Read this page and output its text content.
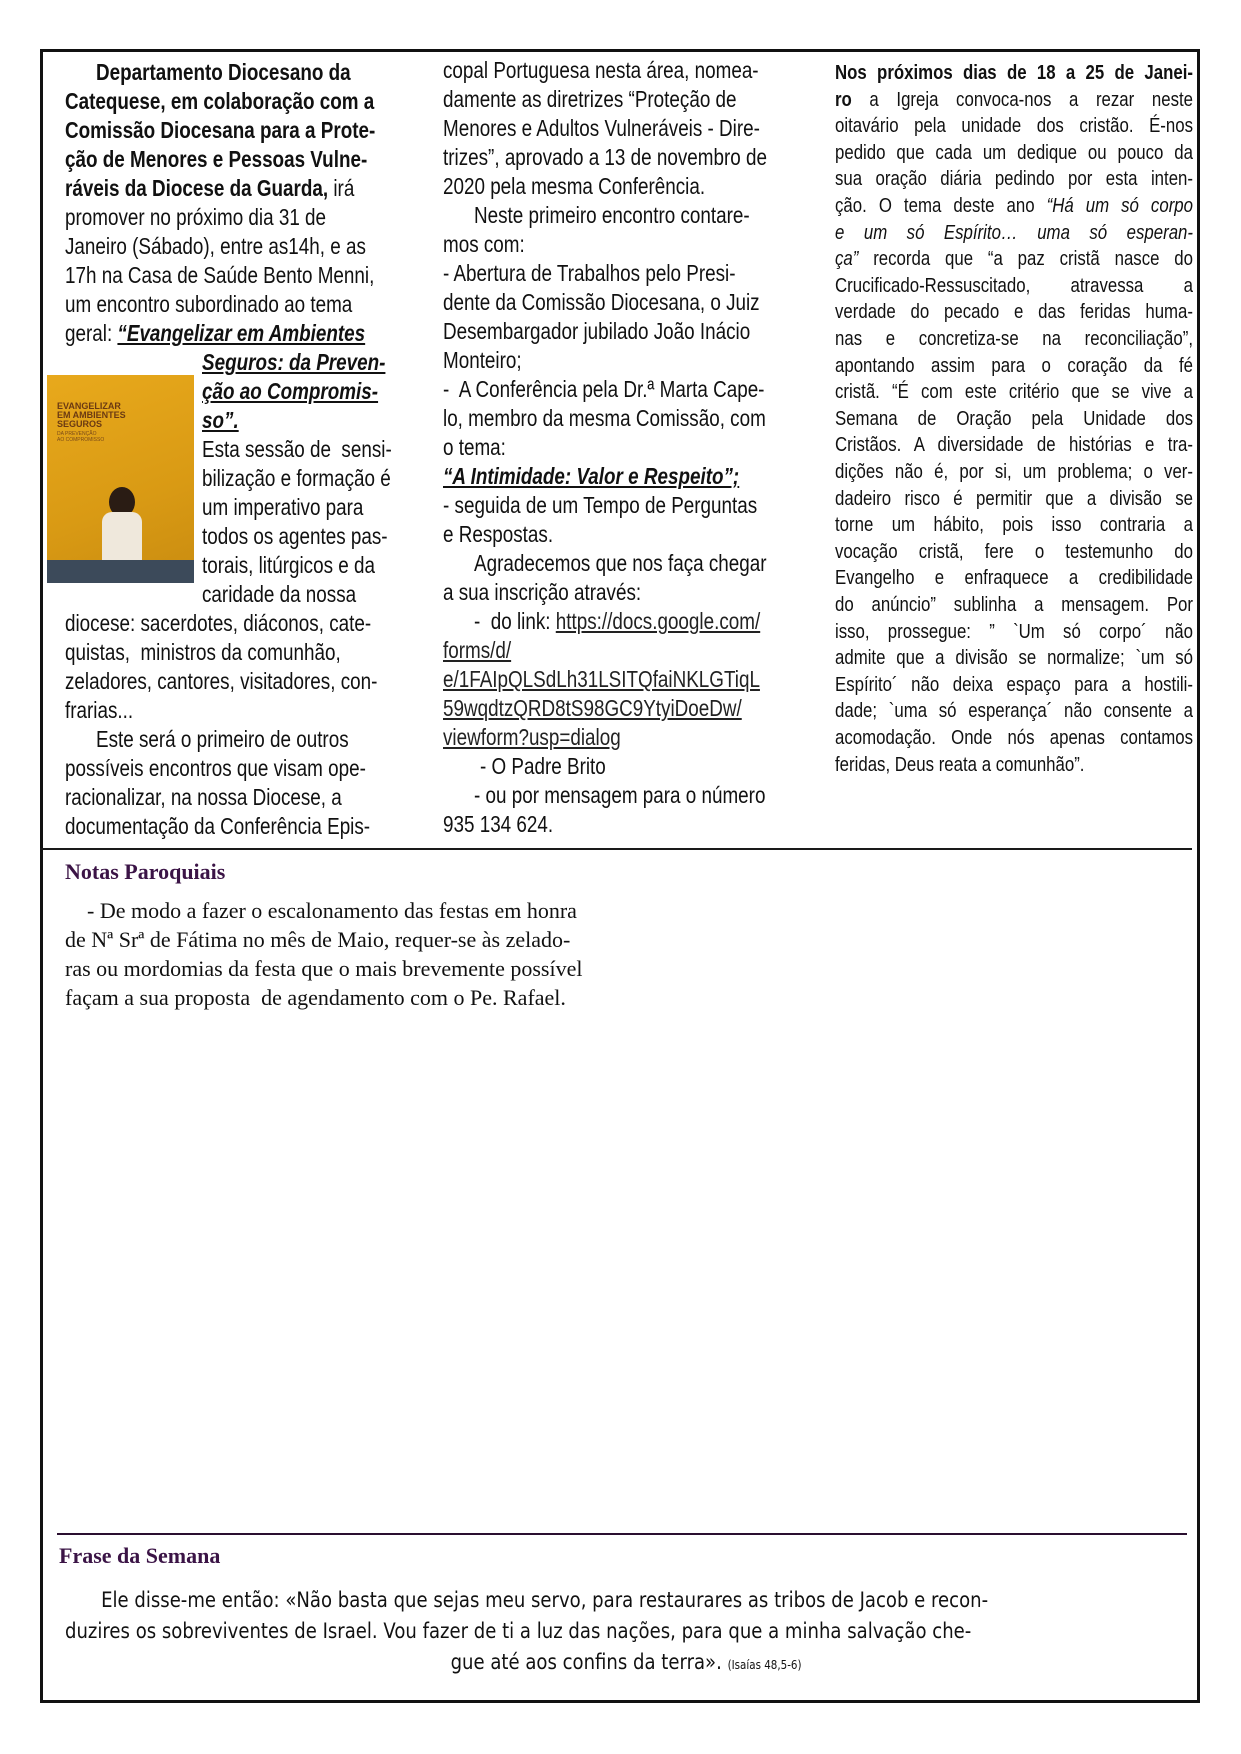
Departamento Diocesano da
Catequese, em colaboração com a
Comissão Diocesana para a Prote-
ção de Menores e Pessoas Vulne-
ráveis da Diocese da Guarda, irá
promover no próximo dia 31 de
Janeiro (Sábado), entre as14h, e as
17h na Casa de Saúde Bento Menni,
um encontro subordinado ao tema
geral: “Evangelizar em Ambientes
Seguros: da Preven-
ção ao Compromis-
so”.
Esta sessão de  sensi-
bilização e formação é
um imperativo para
todos os agentes pas-
torais, litúrgicos e da
caridade da nossa
diocese: sacerdotes, diáconos, cate-
quistas,  ministros da comunhão,
zeladores, cantores, visitadores, con-
frarias...
Este será o primeiro de outros
possíveis encontros que visam ope-
racionalizar, na nossa Diocese, a
documentação da Conferência Epis-
copal Portuguesa nesta área, nomea-
damente as diretrizes “Proteção de
Menores e Adultos Vulneráveis - Dire-
trizes”, aprovado a 13 de novembro de
2020 pela mesma Conferência.
Neste primeiro encontro contare-
mos com:
- Abertura de Trabalhos pelo Presi-
dente da Comissão Diocesana, o Juiz
Desembargador jubilado João Inácio
Monteiro;
-  A Conferência pela Dr.ª Marta Cape-
lo, membro da mesma Comissão, com
o tema:
“A Intimidade: Valor e Respeito”;
- seguida de um Tempo de Perguntas
e Respostas.
Agradecemos que nos faça chegar
a sua inscrição através:
-  do link: https://docs.google.com/
forms/d/
e/1FAIpQLSdLh31LSITQfaiNKLGTiqL
59wqdtzQRD8tS98GC9YtyiDoeDw/
viewform?usp=dialog
- O Padre Brito
- ou por mensagem para o número
935 134 624.
Nos próximos dias de 18 a 25 de Janei-
ro a Igreja convoca-nos a rezar neste
oitavário pela unidade dos cristão. É-nos
pedido que cada um dedique ou pouco da
sua oração diária pedindo por esta inten-
ção. O tema deste ano “Há um só corpo
e um só Espírito… uma só esperan-
ça” recorda que “a paz cristã nasce do
Crucificado-Ressuscitado, atravessa a
verdade do pecado e das feridas huma-
nas e concretiza-se na reconciliação”,
apontando assim para o coração da fé
cristã. “É com este critério que se vive a
Semana de Oração pela Unidade dos
Cristãos. A diversidade de histórias e tra-
dições não é, por si, um problema; o ver-
dadeiro risco é permitir que a divisão se
torne um hábito, pois isso contraria a
vocação cristã, fere o testemunho do
Evangelho e enfraquece a credibilidade
do anúncio” sublinha a mensagem. Por
isso, prossegue: ” `Um só corpo´ não
admite que a divisão se normalize; `um só
Espírito´ não deixa espaço para a hostili-
dade; `uma só esperança´ não consente a
acomodação. Onde nós apenas contamos
feridas, Deus reata a comunhão”.
EVANGELIZAR
EM AMBIENTES
SEGUROS
DA PREVENÇÃO
AO COMPROMISSO
Notas Paroquiais
- De modo a fazer o escalonamento das festas em honra
de Nª Srª de Fátima no mês de Maio, requer-se às zelado-
ras ou mordomias da festa que o mais brevemente possível
façam a sua proposta  de agendamento com o Pe. Rafael.
Frase da Semana
Ele disse-me então: «Não basta que sejas meu servo, para restaurares as tribos de Jacob e recon-
duzires os sobreviventes de Israel. Vou fazer de ti a luz das nações, para que a minha salvação che-
gue até aos confins da terra». (Isaías 48,5-6)
